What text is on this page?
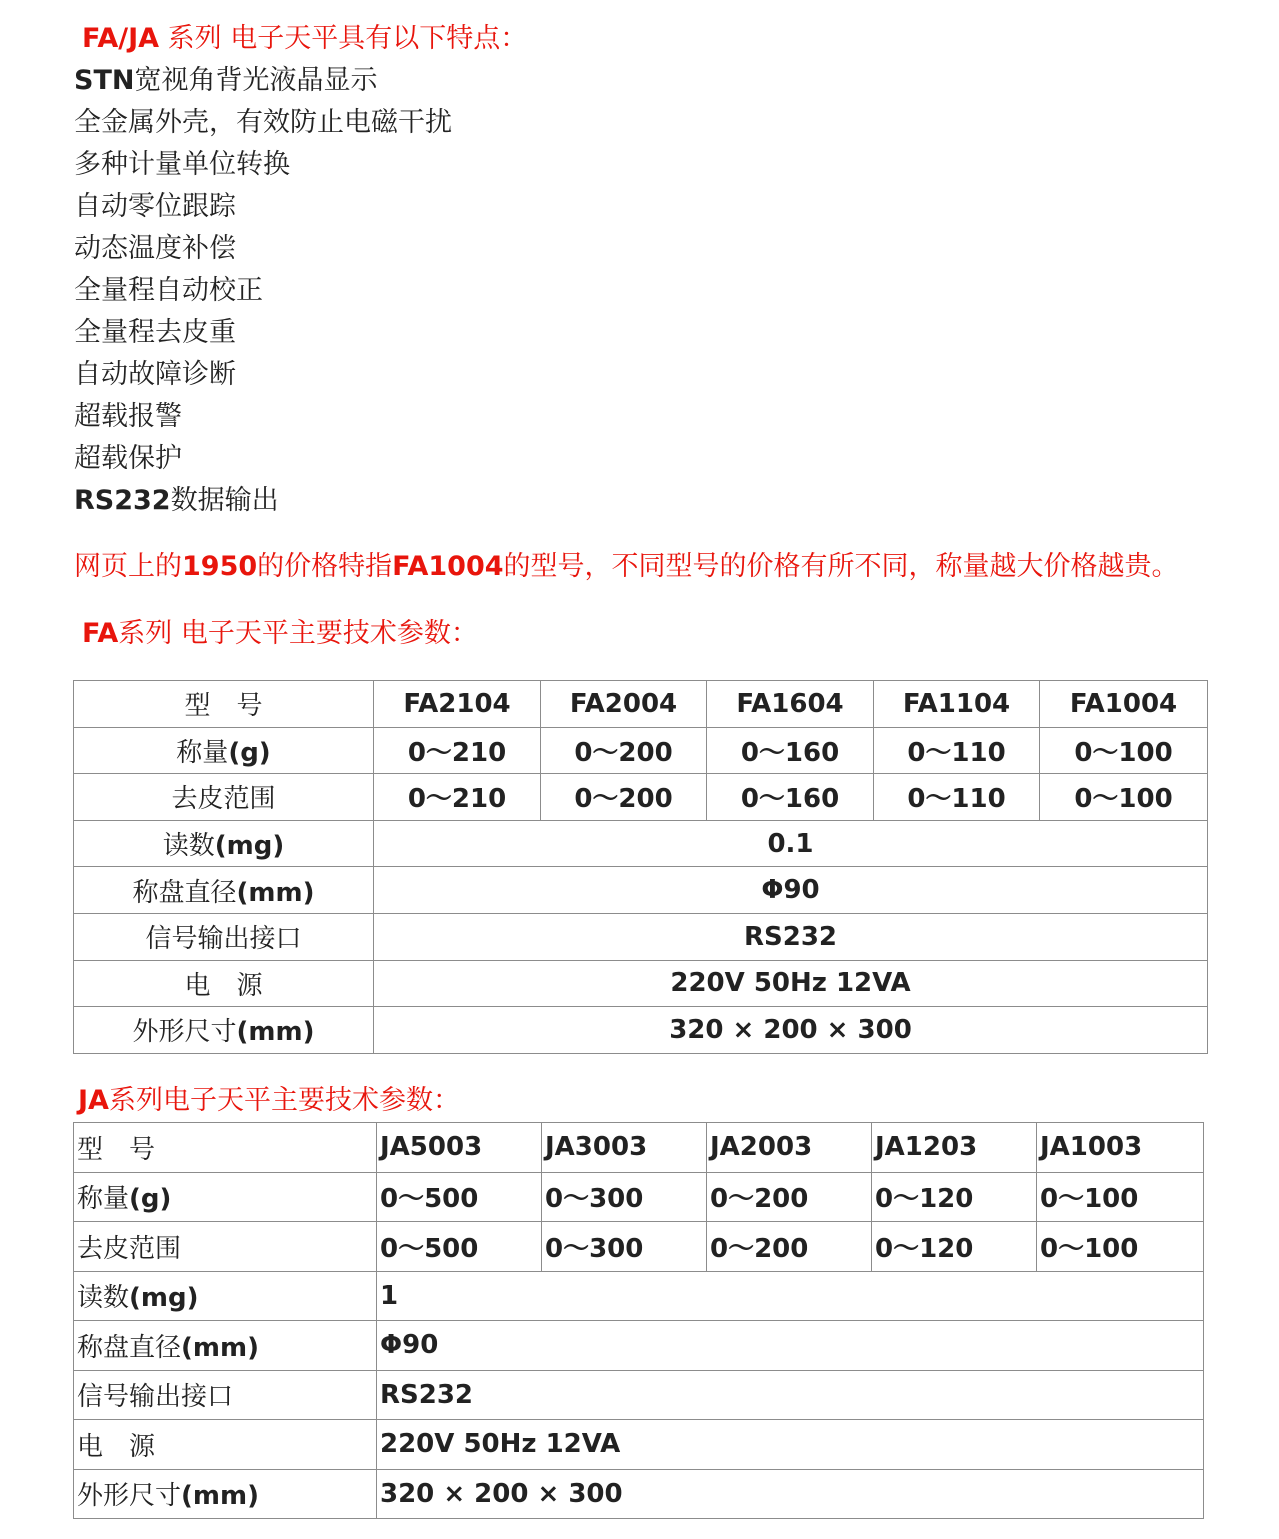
FA/JA 系列 电子天平具有以下特点：
STN宽视角背光液晶显示
全金属外壳，有效防止电磁干扰
多种计量单位转换
自动零位跟踪
动态温度补偿
全量程自动校正
全量程去皮重
自动故障诊断
超载报警
超载保护
RS232数据输出
网页上的1950的价格特指FA1004的型号，不同型号的价格有所不同，称量越大价格越贵。
FA系列 电子天平主要技术参数：
型　号	FA2104	FA2004	FA1604	FA1104	FA1004
称量(g)	0～210	0～200	0～160	0～110	0～100
去皮范围	0～210	0～200	0～160	0～110	0～100
读数(mg)	0.1				
称盘直径(mm)	Φ90				
信号输出接口	RS232				
电　源	220V 50Hz 12VA				
外形尺寸(mm)	320 × 200 × 300				
JA系列电子天平主要技术参数：
型　号	JA5003	JA3003	JA2003	JA1203	JA1003
称量(g)	0～500	0～300	0～200	0～120	0～100
去皮范围	0～500	0～300	0～200	0～120	0～100
读数(mg)	1				
称盘直径(mm)	Φ90				
信号输出接口	RS232				
电　源	220V 50Hz 12VA				
外形尺寸(mm)	320 × 200 × 300				
